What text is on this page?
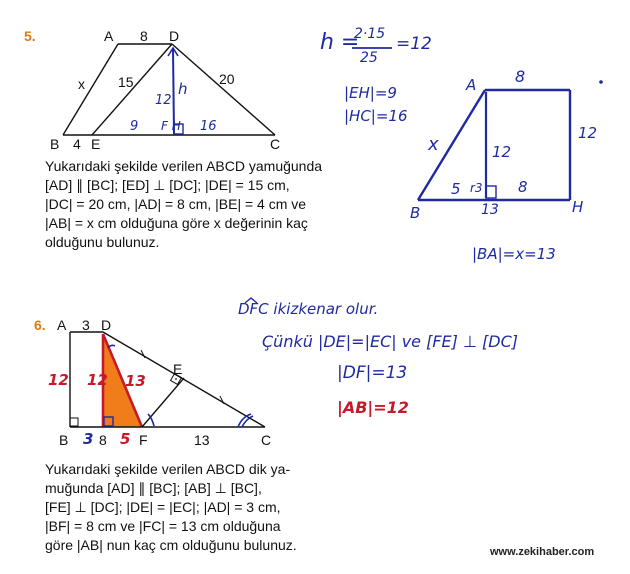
5.	A 8 D
x 15	20
B 4 E	C
h
12
9 F H 16
Yukarıdaki şekilde verilen ABCD yamuğunda
[AD] ∥ [BC]; [ED] ⊥ [DC]; |DE| = 15 cm,
|DC| = 20 cm, |AD| = 8 cm, |BE| = 4 cm ve
|AB| = x cm olduğuna göre x değerinin kaç
olduğunu bulunuz.
h =
2·15
25
=12
|EH|=9
|HC|=16
A 8
x	12
12
5 r3 8
B	13	H
|BA|=x=13
6. A 3 D
E
B 8 F	13	C
12 12 13
3 5
DFC ikizkenar olur.
Çünkü |DE|=|EC| ve [FE] ⊥ [DC]
|DF|=13
|AB|=12
Yukarıdaki şekilde verilen ABCD dik ya-
muğunda [AD] ∥ [BC]; [AB] ⊥ [BC],
[FE] ⊥ [DC]; |DE| = |EC|; |AD| = 3 cm,
|BF| = 8 cm ve |FC| = 13 cm olduğuna
göre |AB| nun kaç cm olduğunu bulunuz.	www.zekihaber.com
